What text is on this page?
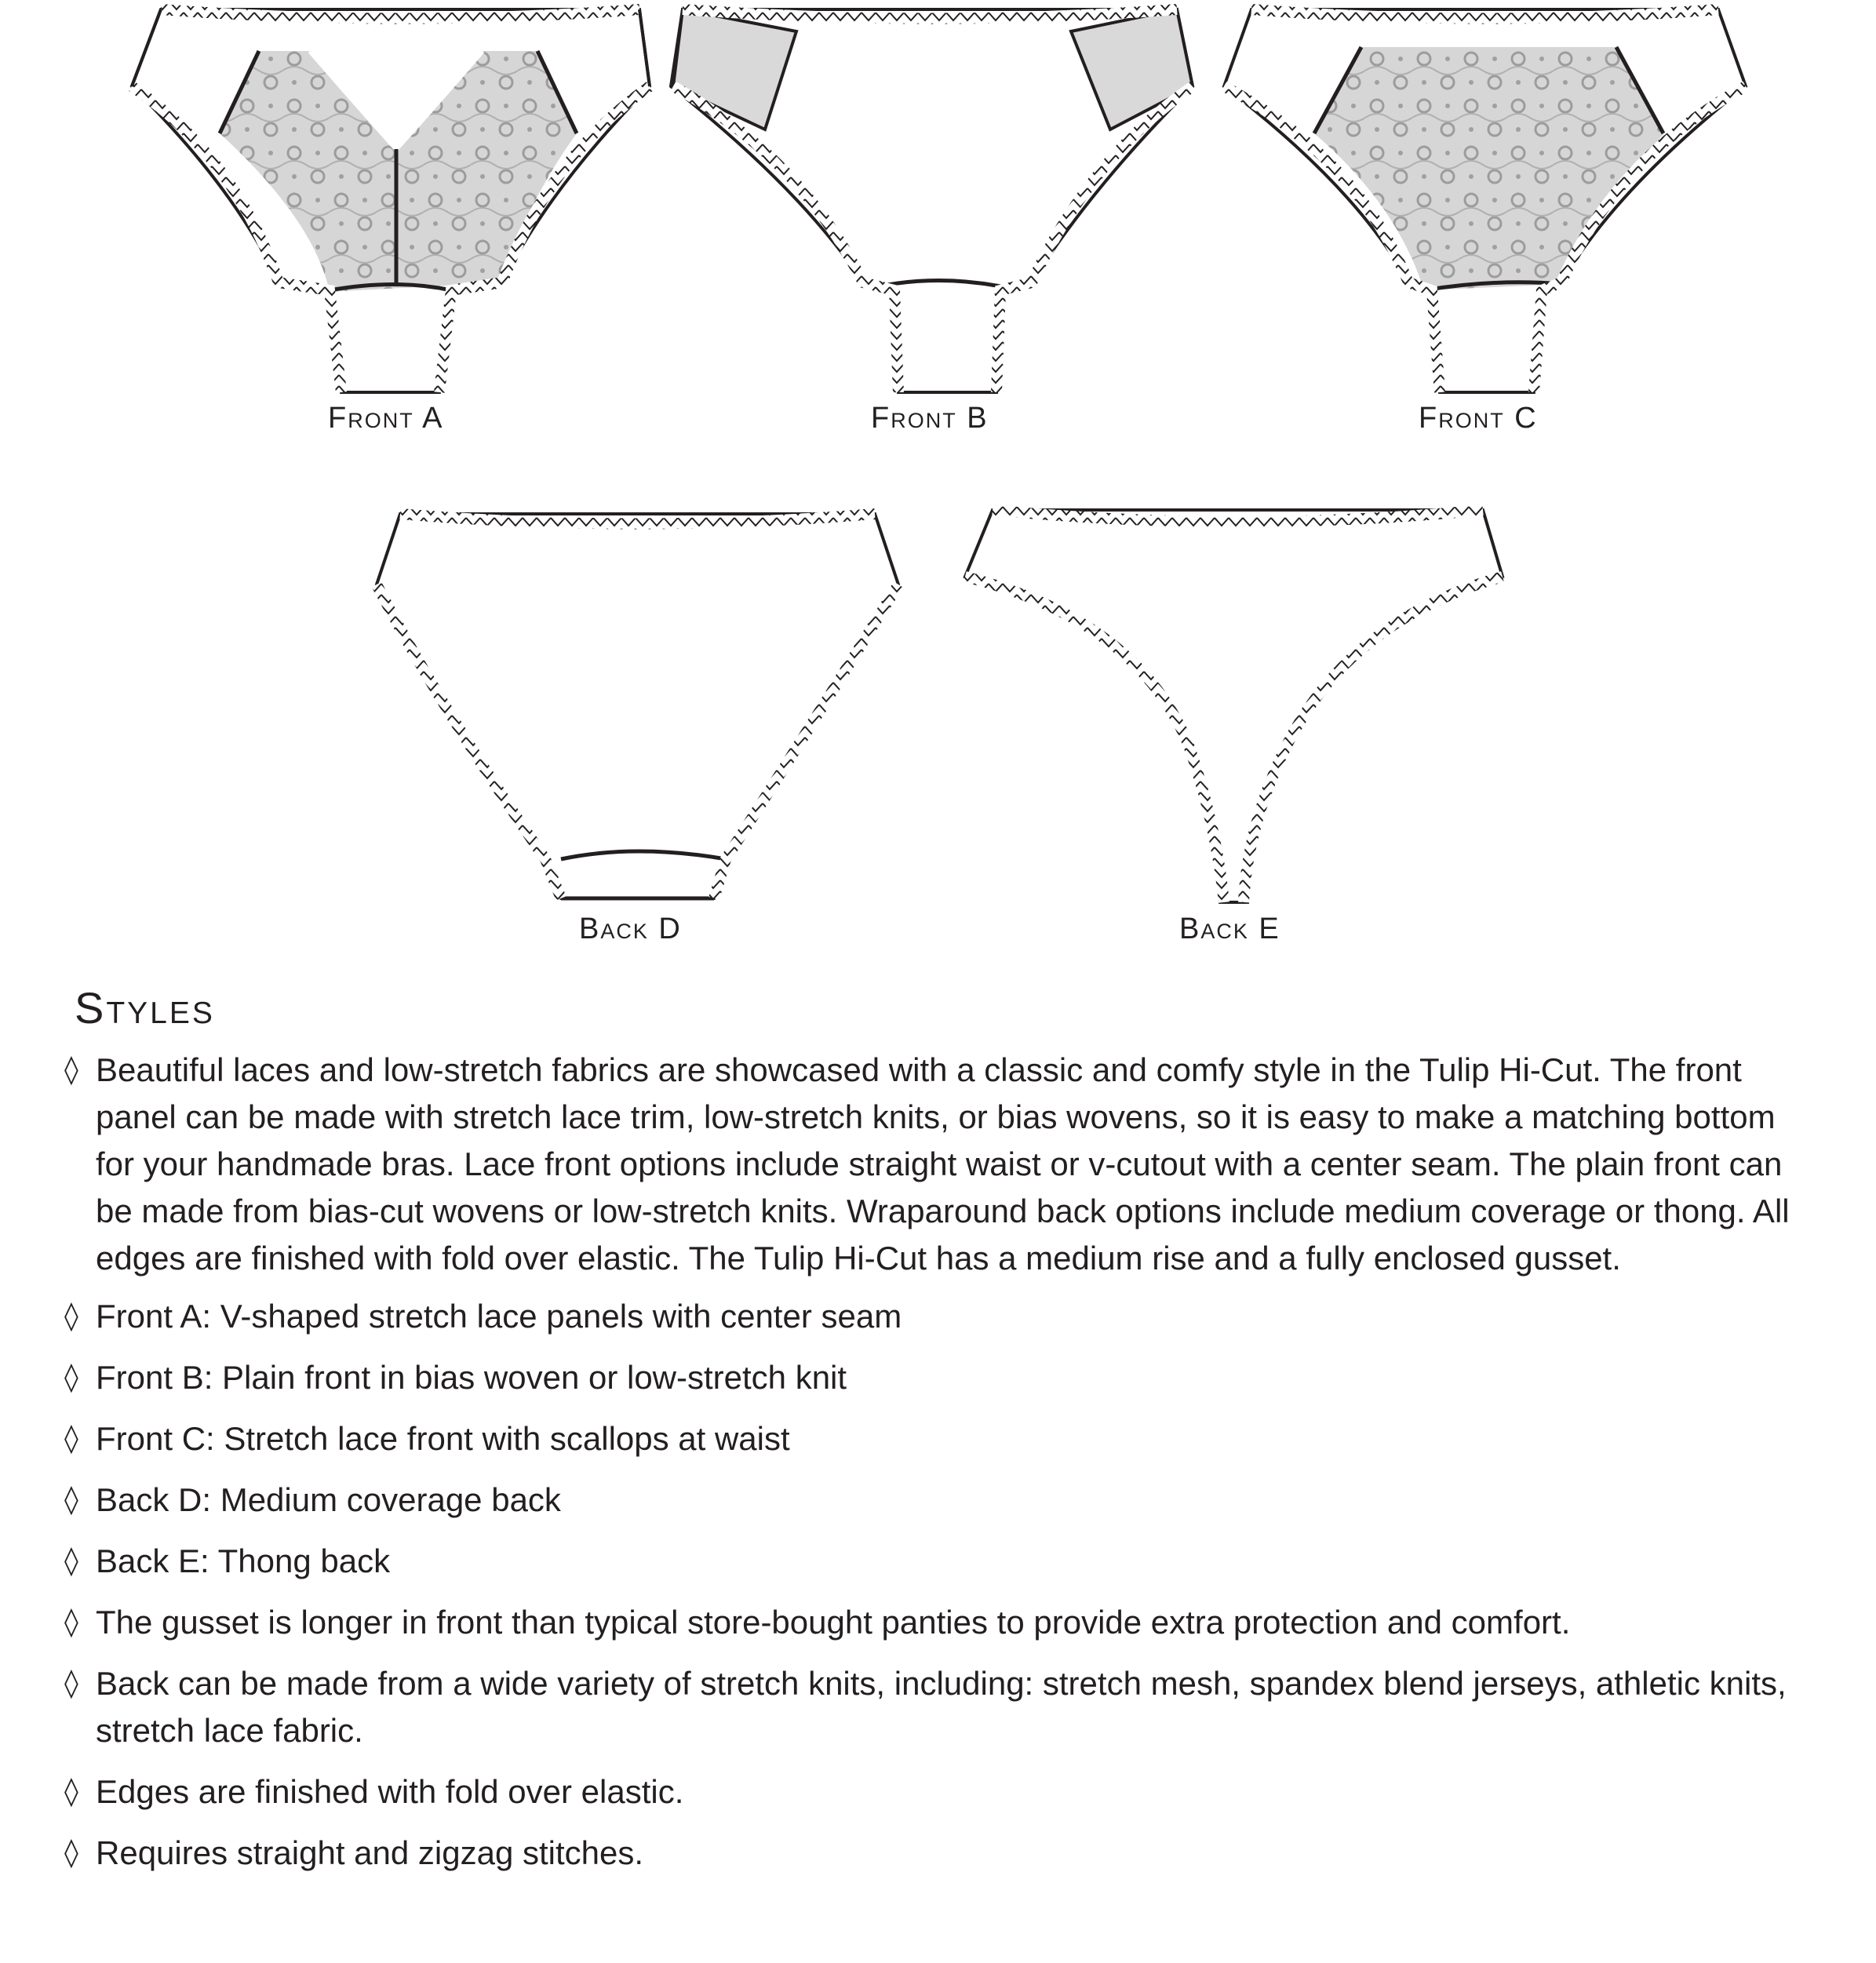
Front A	Front B	Front C
Back D	Back E
Styles
◊ Beautiful laces and low-stretch fabrics are showcased with a classic and comfy style in the Tulip Hi-Cut. The front panel can be made with stretch lace trim, low-stretch knits, or bias wovens, so it is easy to make a matching bottom for your handmade bras. Lace front options include straight waist or v-cutout with a center seam. The plain front can be made from bias-cut wovens or low-stretch knits. Wraparound back options include medium coverage or thong. All edges are finished with fold over elastic. The Tulip Hi-Cut has a medium rise and a fully enclosed gusset.
◊ Front A: V-shaped stretch lace panels with center seam
◊ Front B: Plain front in bias woven or low-stretch knit
◊ Front C: Stretch lace front with scallops at waist
◊ Back D: Medium coverage back
◊ Back E: Thong back
◊ The gusset is longer in front than typical store-bought panties to provide extra protection and comfort.
◊ Back can be made from a wide variety of stretch knits, including: stretch mesh, spandex blend jerseys, athletic knits, stretch lace fabric.
◊ Edges are finished with fold over elastic.
◊ Requires straight and zigzag stitches.
